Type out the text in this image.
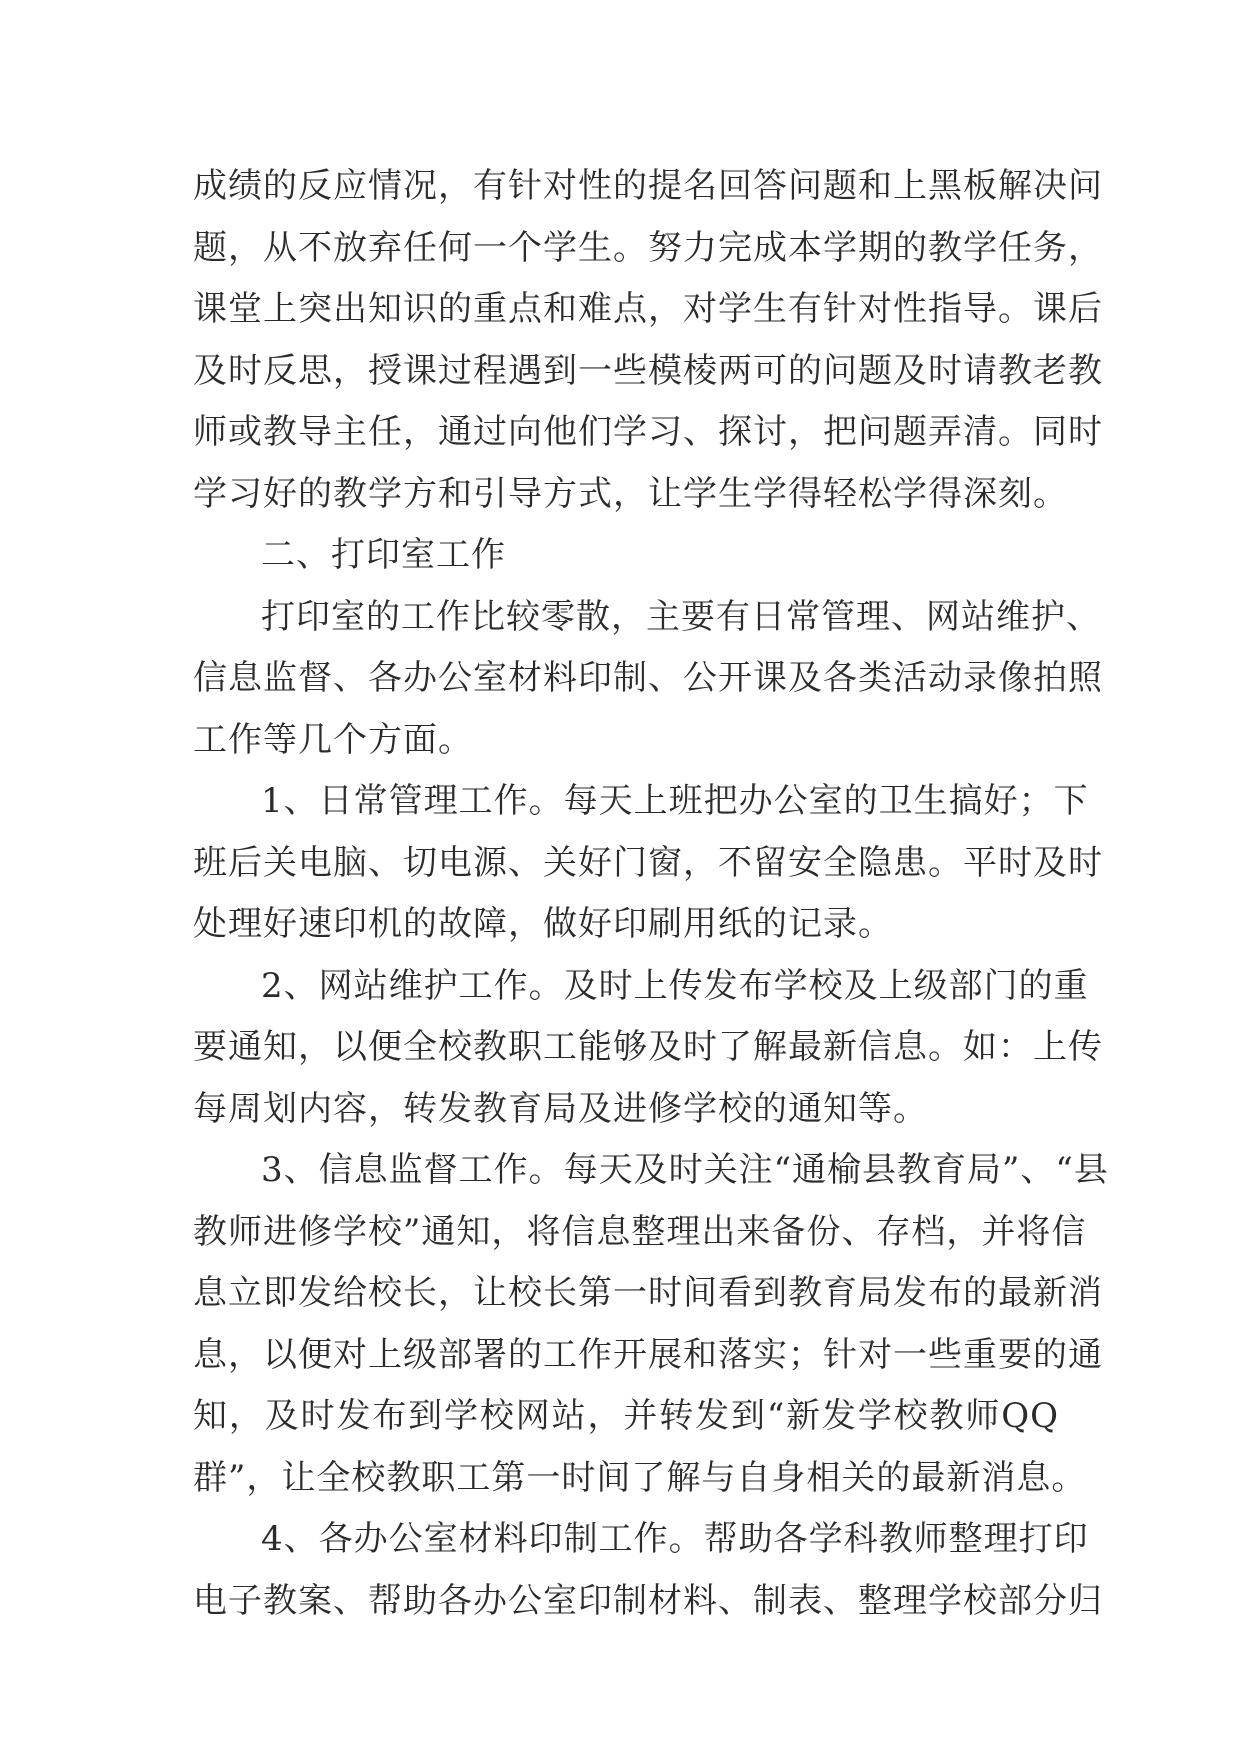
成绩的反应情况，有针对性的提名回答问题和上黑板解决问
题，从不放弃任何一个学生。努力完成本学期的教学任务，
课堂上突出知识的重点和难点，对学生有针对性指导。课后
及时反思，授课过程遇到一些模棱两可的问题及时请教老教
师或教导主任，通过向他们学习、探讨，把问题弄清。同时
学习好的教学方和引导方式，让学生学得轻松学得深刻。
二、打印室工作
打印室的工作比较零散，主要有日常管理、网站维护、
信息监督、各办公室材料印制、公开课及各类活动录像拍照
工作等几个方面。
1、日常管理工作。每天上班把办公室的卫生搞好；下
班后关电脑、切电源、关好门窗，不留安全隐患。平时及时
处理好速印机的故障，做好印刷用纸的记录。
2、网站维护工作。及时上传发布学校及上级部门的重
要通知，以便全校教职工能够及时了解最新信息。如：上传
每周划内容，转发教育局及进修学校的通知等。
3、信息监督工作。每天及时关注“通榆县教育局”、“县
教师进修学校”通知，将信息整理出来备份、存档，并将信
息立即发给校长，让校长第一时间看到教育局发布的最新消
息，以便对上级部署的工作开展和落实；针对一些重要的通
知，及时发布到学校网站，并转发到“新发学校教师QQ
群”，让全校教职工第一时间了解与自身相关的最新消息。
4、各办公室材料印制工作。帮助各学科教师整理打印
电子教案、帮助各办公室印制材料、制表、整理学校部分归
